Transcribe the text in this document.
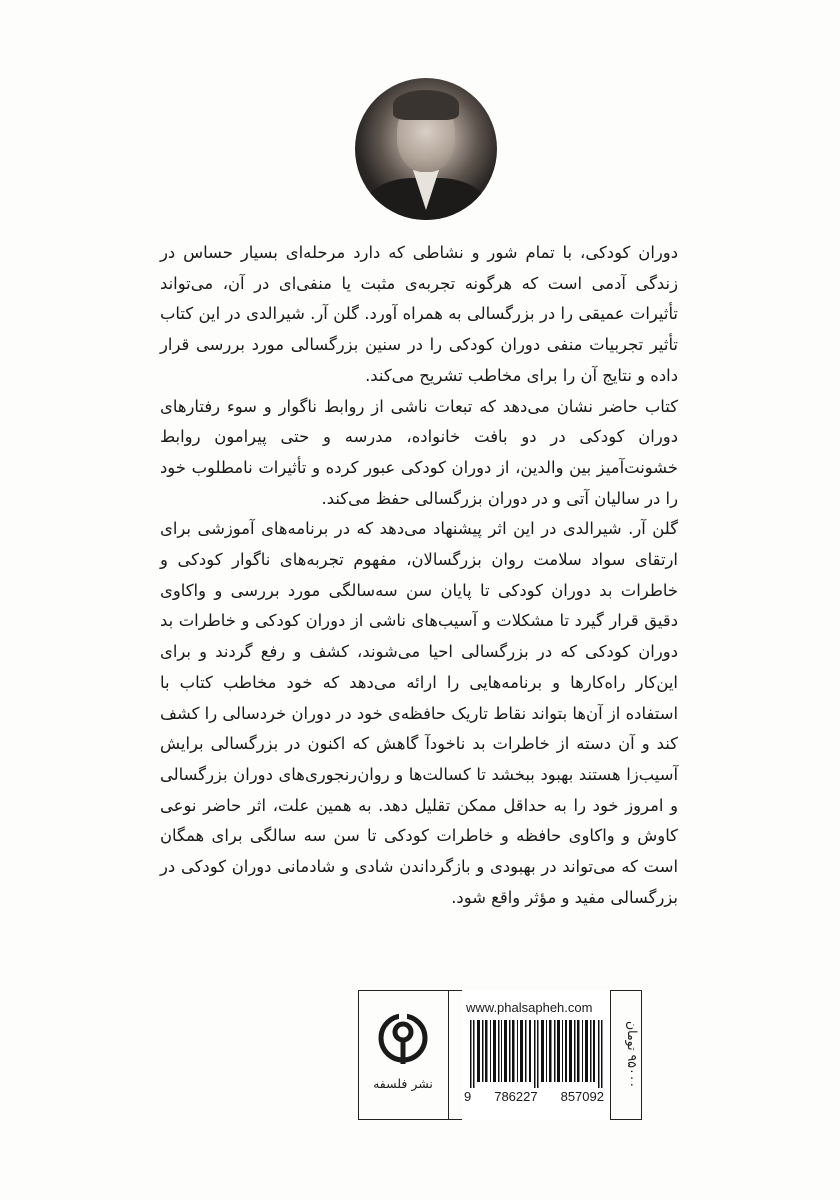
دوران کودکی، با تمام شور و نشاطی که دارد مرحله‌ای بسیار حساس در زندگی آدمی است که هرگونه تجربه‌ی مثبت یا منفی‌ای در آن، می‌تواند تأثیرات عمیقی را در بزرگسالی به همراه آورد. گلن آر. شیرالدی در این کتاب تأثیر تجربیات منفی دوران کودکی را در سنین بزرگسالی مورد بررسی قرار داده و نتایج آن را برای مخاطب تشریح می‌کند.

کتاب حاضر نشان می‌دهد که تبعات ناشی از روابط ناگوار و سوء رفتارهای دوران کودکی در دو بافت خانواده، مدرسه و حتی پیرامون روابط خشونت‌آمیز بین والدین، از دوران کودکی عبور کرده و تأثیرات نامطلوب خود را در سالیان آتی و در دوران بزرگسالی حفظ می‌کند.

گلن آر. شیرالدی در این اثر پیشنهاد می‌دهد که در برنامه‌های آموزشی برای ارتقای سواد سلامت روان بزرگسالان، مفهوم تجربه‌های ناگوار کودکی و خاطرات بد دوران کودکی تا پایان سن سه‌سالگی مورد بررسی و واکاوی دقیق قرار گیرد تا مشکلات و آسیب‌های ناشی از دوران کودکی و خاطرات بد دوران کودکی که در بزرگسالی احیا می‌شوند، کشف و رفع گردند و برای این‌کار راه‌کارها و برنامه‌هایی را ارائه می‌دهد که خود مخاطب کتاب با استفاده از آن‌ها بتواند نقاط تاریک حافظه‌ی خود در دوران خردسالی را کشف کند و آن دسته از خاطرات بد ناخودآ گاهش که اکنون در بزرگسالی برایش آسیب‌زا هستند بهبود ببخشد تا کسالت‌ها و روان‌رنجوری‌های دوران بزرگسالی و امروز خود را به حداقل ممکن تقلیل دهد. به همین علت، اثر حاضر نوعی کاوش و واکاوی حافظه و خاطرات کودکی تا سن سه سالگی برای همگان است که می‌تواند در بهبودی و بازگرداندن شادی و شادمانی دوران کودکی در بزرگسالی مفید و مؤثر واقع شود.

نشر فلسفه
www.phalsapheh.com
9 786227 857092
۹۵۰۰۰ تومان
